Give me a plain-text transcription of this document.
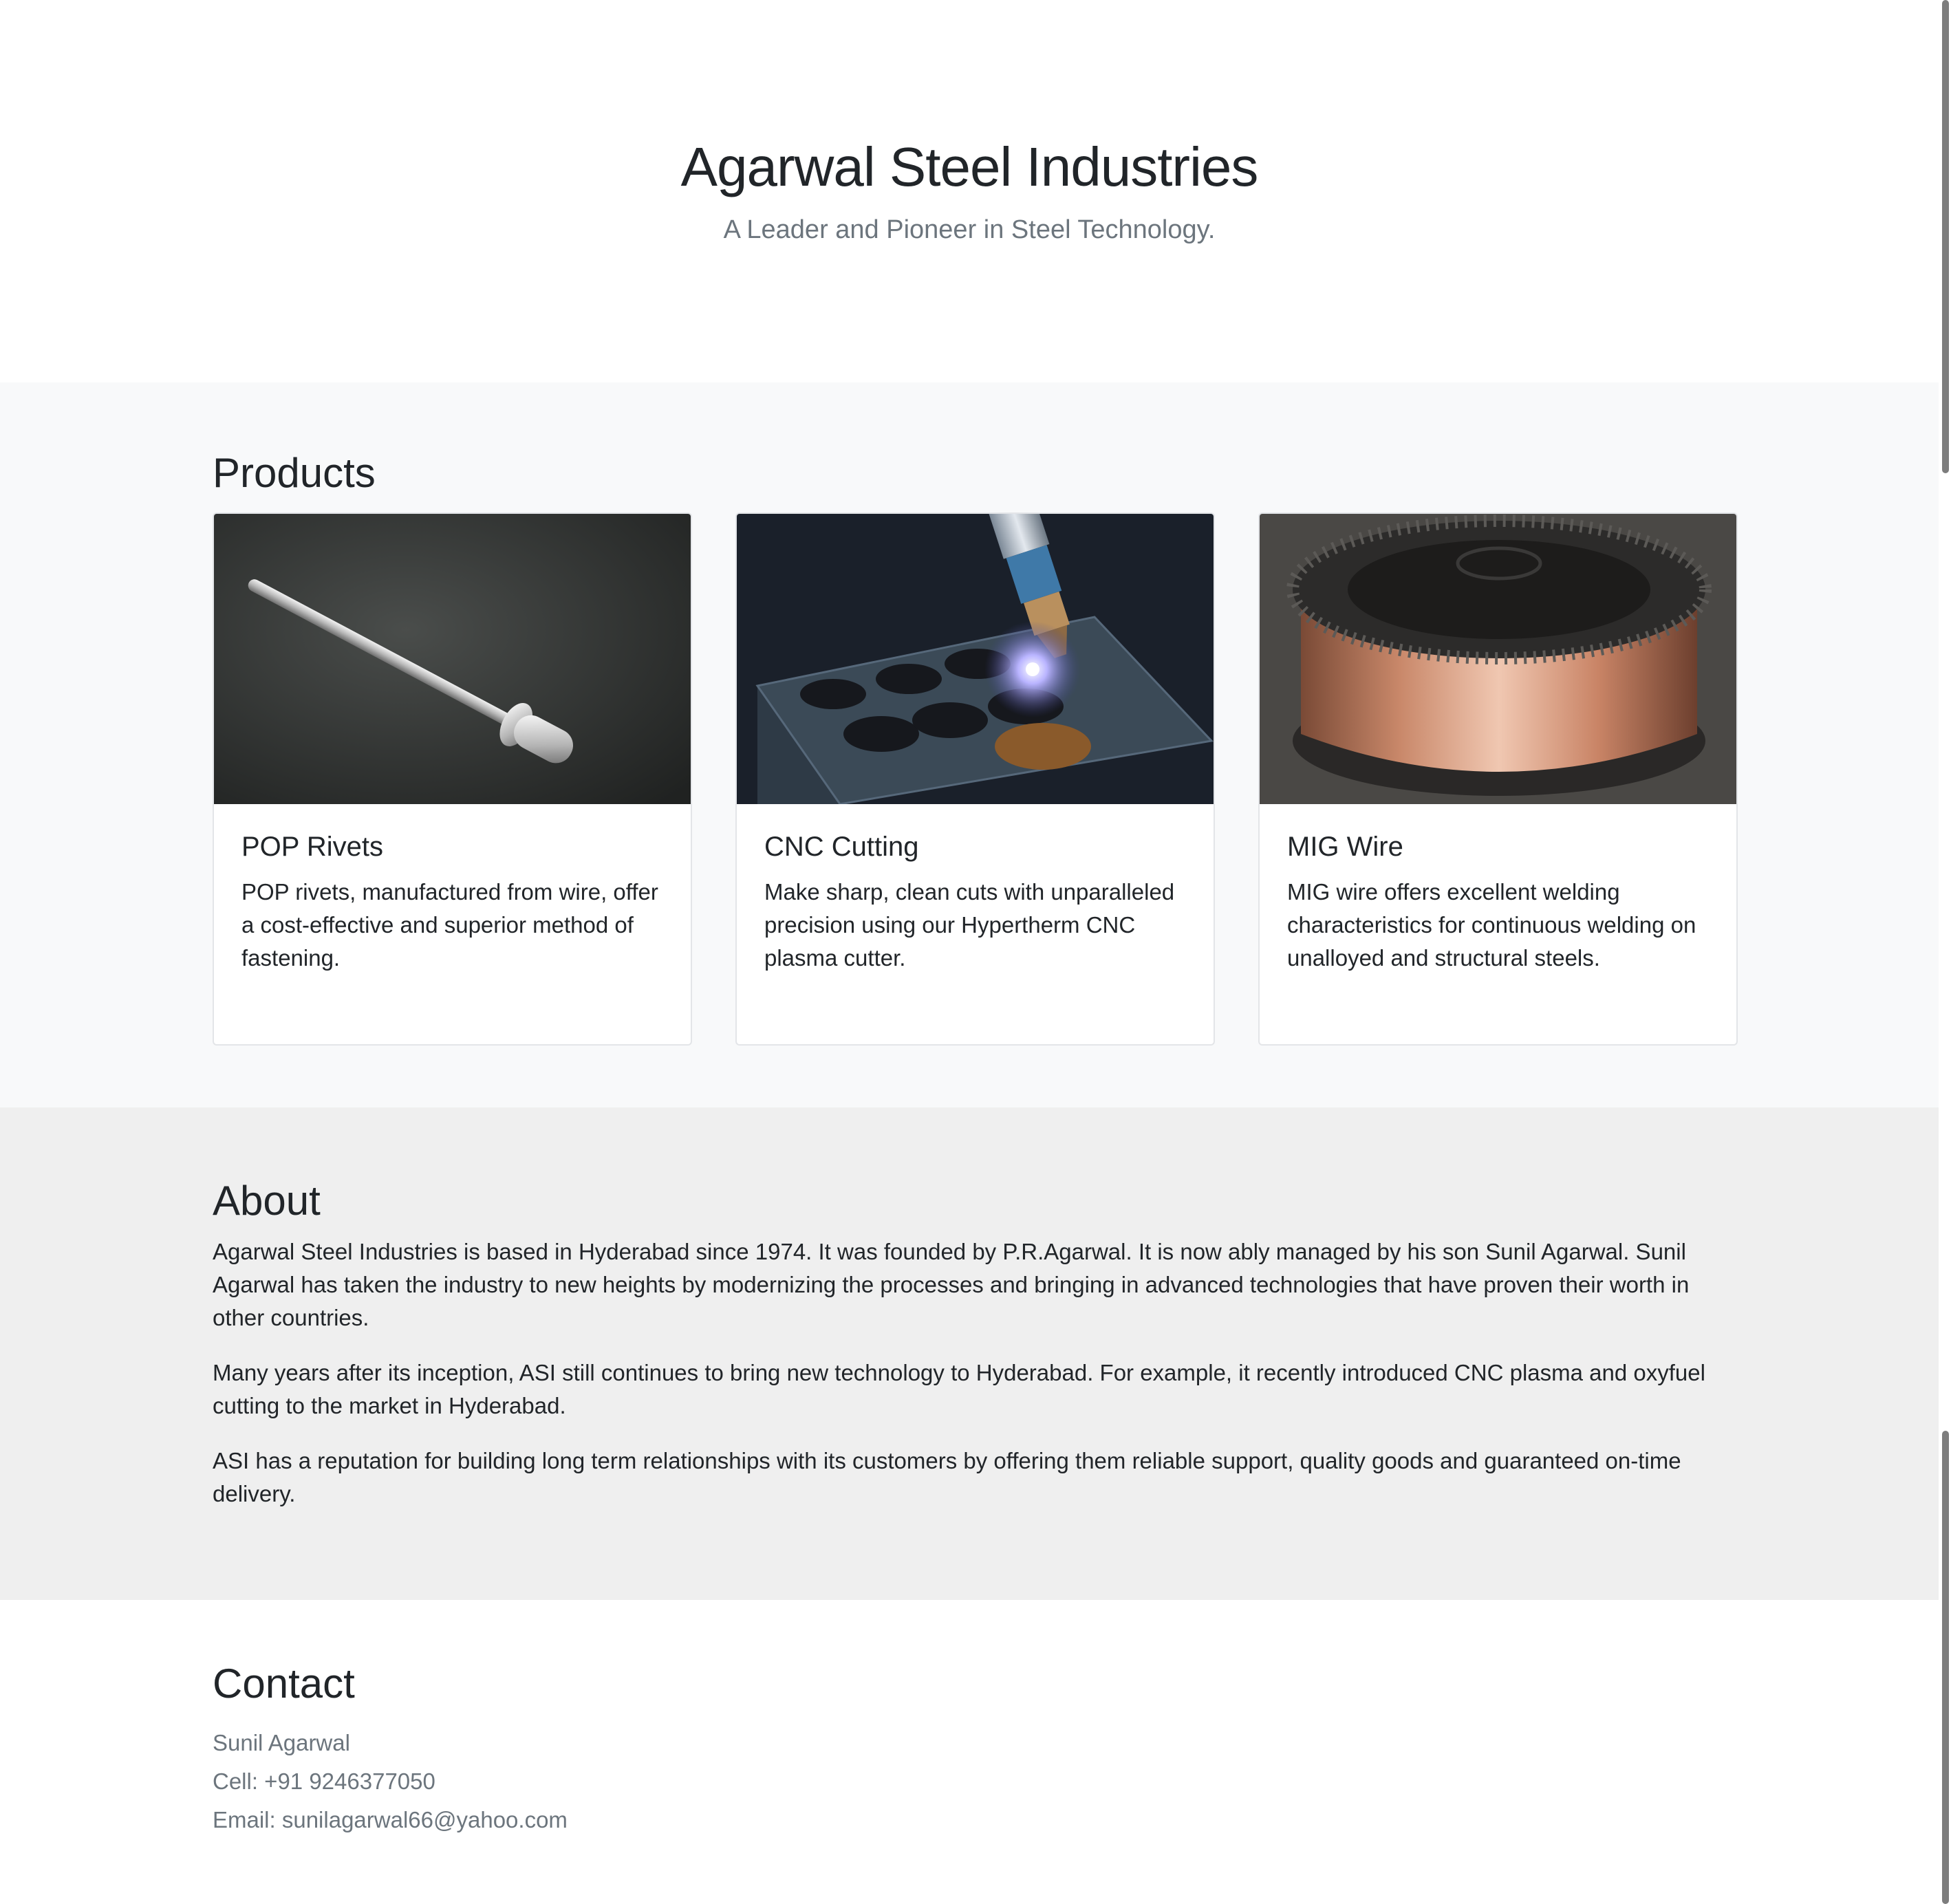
Agarwal Steel Industries

A Leader and Pioneer in Steel Technology.

Products
POP Rivets

POP rivets, manufactured from wire, offer a cost-effective and superior method of fastening.

CNC Cutting

Make sharp, clean cuts with unparalleled precision using our Hypertherm CNC plasma cutter.

MIG Wire

MIG wire offers excellent welding characteristics for continuous welding on unalloyed and structural steels.

About

Agarwal Steel Industries is based in Hyderabad since 1974. It was founded by P.R.Agarwal. It is now ably managed by his son Sunil Agarwal. Sunil Agarwal has taken the industry to new heights by modernizing the processes and bringing in advanced technologies that have proven their worth in other countries.

Many years after its inception, ASI still continues to bring new technology to Hyderabad. For example, it recently introduced CNC plasma and oxyfuel cutting to the market in Hyderabad.

ASI has a reputation for building long term relationships with its customers by offering them reliable support, quality goods and guaranteed on-time delivery.

Contact
Sunil Agarwal
Cell: +91 9246377050
Email: sunilagarwal66@yahoo.com
